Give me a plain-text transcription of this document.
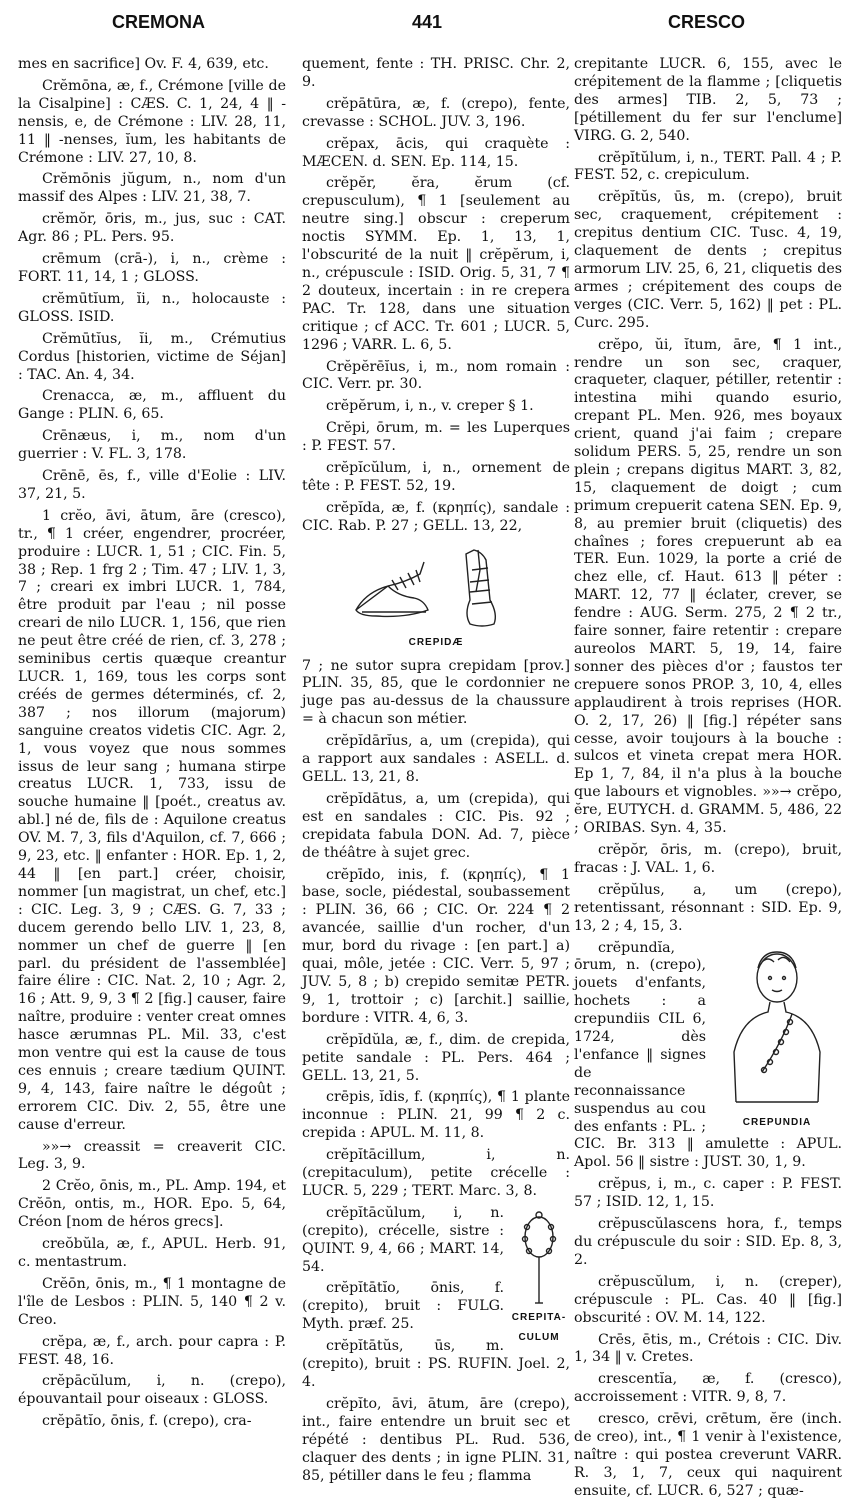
CREMONA	441	CRESCO

mes en sacrifice] Ov. F. 4, 639, etc.

Crĕmōna, æ, f., Crémone [ville de la Cisalpine] : CÆS. C. 1, 24, 4 ‖ -nensis, e, de Crémone : LIV. 28, 11, 11 ‖ -nenses, ĭum, les habitants de Crémone : LIV. 27, 10, 8.

Crĕmōnis jŭgum, n., nom d'un massif des Alpes : LIV. 21, 38, 7.

crĕmŏr, ōris, m., jus, suc : CAT. Agr. 86 ; PL. Pers. 95.

crēmum (crā-), i, n., crème : FORT. 11, 14, 1 ; GLOSS.

crĕmūtĭum, ĭi, n., holocauste : GLOSS. ISID.

Crĕmūtĭus, ĭi, m., Crémutius Cordus [historien, victime de Séjan] : TAC. An. 4, 34.

Crenacca, æ, m., affluent du Gange : PLIN. 6, 65.

Crēnæus, i, m., nom d'un guerrier : V. FL. 3, 178.

Crēnē, ēs, f., ville d'Eolie : LIV. 37, 21, 5.

1 crĕo, āvi, ātum, āre (cresco), tr., ¶ 1 créer, engendrer, procréer, produire : LUCR. 1, 51 ; CIC. Fin. 5, 38 ; Rep. 1 frg 2 ; Tim. 47 ; LIV. 1, 3, 7 ; creari ex imbri LUCR. 1, 784, être produit par l'eau ; nil posse creari de nilo LUCR. 1, 156, que rien ne peut être créé de rien, cf. 3, 278 ; seminibus certis quæque creantur LUCR. 1, 169, tous les corps sont créés de germes déterminés, cf. 2, 387 ; nos illorum (majorum) sanguine creatos videtis CIC. Agr. 2, 1, vous voyez que nous sommes issus de leur sang ; humana stirpe creatus LUCR. 1, 733, issu de souche humaine ‖ [poét., creatus av. abl.] né de, fils de : Aquilone creatus OV. M. 7, 3, fils d'Aquilon, cf. 7, 666 ; 9, 23, etc. ‖ enfanter : HOR. Ep. 1, 2, 44 ‖ [en part.] créer, choisir, nommer [un magistrat, un chef, etc.] : CIC. Leg. 3, 9 ; CÆS. G. 7, 33 ; ducem gerendo bello LIV. 1, 23, 8, nommer un chef de guerre ‖ [en parl. du président de l'assemblée] faire élire : CIC. Nat. 2, 10 ; Agr. 2, 16 ; Att. 9, 9, 3 ¶ 2 [fig.] causer, faire naître, produire : venter creat omnes hasce ærumnas PL. Mil. 33, c'est mon ventre qui est la cause de tous ces ennuis ; creare tædium QUINT. 9, 4, 143, faire naître le dégoût ; errorem CIC. Div. 2, 55, être une cause d'erreur.

»»→ creassit = creaverit CIC. Leg. 3, 9.

2 Crĕo, ōnis, m., PL. Amp. 194, et Crĕōn, ontis, m., HOR. Epo. 5, 64, Créon [nom de héros grecs].

creŏbŭla, æ, f., APUL. Herb. 91, c. mentastrum.

Crĕōn, ōnis, m., ¶ 1 montagne de l'île de Lesbos : PLIN. 5, 140 ¶ 2 v. Creo.

crĕpa, æ, f., arch. pour capra : P. FEST. 48, 16.

crĕpācŭlum, i, n. (crepo), épouvantail pour oiseaux : GLOSS.

crĕpātĭo, ōnis, f. (crepo), cra-

quement, fente : TH. PRISC. Chr. 2, 9.

crĕpātūra, æ, f. (crepo), fente, crevasse : SCHOL. JUV. 3, 196.

crĕpax, ācis, qui craquète : MÆCEN. d. SEN. Ep. 114, 15.

crĕpĕr, ĕra, ĕrum (cf. crepusculum), ¶ 1 [seulement au neutre sing.] obscur : creperum noctis SYMM. Ep. 1, 13, 1, l'obscurité de la nuit ‖ crĕpĕrum, i, n., crépuscule : ISID. Orig. 5, 31, 7 ¶ 2 douteux, incertain : in re crepera PAC. Tr. 128, dans une situation critique ; cf ACC. Tr. 601 ; LUCR. 5, 1296 ; VARR. L. 6, 5.

Crĕpĕrēĭus, i, m., nom romain : CIC. Verr. pr. 30.

crĕpĕrum, i, n., v. creper § 1.

Crĕpi, ōrum, m. = les Luperques : P. FEST. 57.

crĕpĭcŭlum, i, n., ornement de tête : P. FEST. 52, 19.

crĕpĭda, æ, f. (κρηπίς), sandale : CIC. Rab. P. 27 ; GELL. 13, 22,

CREPIDÆ

7 ; ne sutor supra crepidam [prov.] PLIN. 35, 85, que le cordonnier ne juge pas au-dessus de la chaussure = à chacun son métier.

crĕpĭdārĭus, a, um (crepida), qui a rapport aux sandales : ASELL. d. GELL. 13, 21, 8.

crĕpĭdātus, a, um (crepida), qui est en sandales : CIC. Pis. 92 ; crepidata fabula DON. Ad. 7, pièce de théâtre à sujet grec.

crĕpīdo, inis, f. (κρηπίς), ¶ 1 base, socle, piédestal, soubassement : PLIN. 36, 66 ; CIC. Or. 224 ¶ 2 avancée, saillie d'un rocher, d'un mur, bord du rivage : [en part.] a) quai, môle, jetée : CIC. Verr. 5, 97 ; JUV. 5, 8 ; b) crepido semitæ PETR. 9, 1, trottoir ; c) [archit.] saillie, bordure : VITR. 4, 6, 3.

crĕpĭdŭla, æ, f., dim. de crepida, petite sandale : PL. Pers. 464 ; GELL. 13, 21, 5.

crēpis, ĭdis, f. (κρηπίς), ¶ 1 plante inconnue : PLIN. 21, 99 ¶ 2 c. crepida : APUL. M. 11, 8.

crĕpĭtācillum, i, n. (crepitaculum), petite crécelle : LUCR. 5, 229 ; TERT. Marc. 3, 8.

CREPITA-
CULUM

crĕpĭtācŭlum, i, n. (crepito), crécelle, sistre : QUINT. 9, 4, 66 ; MART. 14, 54.

crĕpĭtātĭo, ōnis, f. (crepito), bruit : FULG. Myth. præf. 25.

crĕpĭtātŭs, ūs, m. (crepito), bruit : PS. RUFIN. Joel. 2, 4.

crĕpĭto, āvi, ātum, āre (crepo), int., faire entendre un bruit sec et répété : dentibus PL. Rud. 536, claquer des dents ; in igne PLIN. 31, 85, pétiller dans le feu ; flamma

crepitante LUCR. 6, 155, avec le crépitement de la flamme ; [cliquetis des armes] TIB. 2, 5, 73 ; [pétillement du fer sur l'enclume] VIRG. G. 2, 540.

crĕpĭtŭlum, i, n., TERT. Pall. 4 ; P. FEST. 52, c. crepiculum.

crĕpĭtŭs, ūs, m. (crepo), bruit sec, craquement, crépitement : crepitus dentium CIC. Tusc. 4, 19, claquement de dents ; crepitus armorum LIV. 25, 6, 21, cliquetis des armes ; crépitement des coups de verges (CIC. Verr. 5, 162) ‖ pet : PL. Curc. 295.

crĕpo, ŭi, ĭtum, āre, ¶ 1 int., rendre un son sec, craquer, craqueter, claquer, pétiller, retentir : intestina mihi quando esurio, crepant PL. Men. 926, mes boyaux crient, quand j'ai faim ; crepare solidum PERS. 5, 25, rendre un son plein ; crepans digitus MART. 3, 82, 15, claquement de doigt ; cum primum crepuerit catena SEN. Ep. 9, 8, au premier bruit (cliquetis) des chaînes ; fores crepuerunt ab ea TER. Eun. 1029, la porte a crié de chez elle, cf. Haut. 613 ‖ péter : MART. 12, 77 ‖ éclater, crever, se fendre : AUG. Serm. 275, 2 ¶ 2 tr., faire sonner, faire retentir : crepare aureolos MART. 5, 19, 14, faire sonner des pièces d'or ; faustos ter crepuere sonos PROP. 3, 10, 4, elles applaudirent à trois reprises (HOR. O. 2, 17, 26) ‖ [fig.] répéter sans cesse, avoir toujours à la bouche : sulcos et vineta crepat mera HOR. Ep 1, 7, 84, il n'a plus à la bouche que labours et vignobles. »»→ crĕpo, ĕre, EUTYCH. d. GRAMM. 5, 486, 22 ; ORIBAS. Syn. 4, 35.

crĕpŏr, ōris, m. (crepo), bruit, fracas : J. VAL. 1, 6.

crĕpŭlus, a, um (crepo), retentissant, résonnant : SID. Ep. 9, 13, 2 ; 4, 15, 3.

CREPUNDIA

crĕpundĭa, ōrum, n. (crepo), jouets d'enfants, hochets : a crepundiis CIL 6, 1724, dès l'enfance ‖ signes de reconnaissance suspendus au cou des enfants : PL. ; CIC. Br. 313 ‖ amulette : APUL. Apol. 56 ‖ sistre : JUST. 30, 1, 9.

crĕpus, i, m., c. caper : P. FEST. 57 ; ISID. 12, 1, 15.

crĕpuscŭlascens hora, f., temps du crépuscule du soir : SID. Ep. 8, 3, 2.

crĕpuscŭlum, i, n. (creper), crépuscule : PL. Cas. 40 ‖ [fig.] obscurité : OV. M. 14, 122.

Crēs, ētis, m., Crétois : CIC. Div. 1, 34 ‖ v. Cretes.

crescentĭa, æ, f. (cresco), accroissement : VITR. 9, 8, 7.

cresco, crēvi, crētum, ĕre (inch. de creo), int., ¶ 1 venir à l'existence, naître : qui postea creverunt VARR. R. 3, 1, 7, ceux qui naquirent ensuite, cf. LUCR. 6, 527 ; quæ-
